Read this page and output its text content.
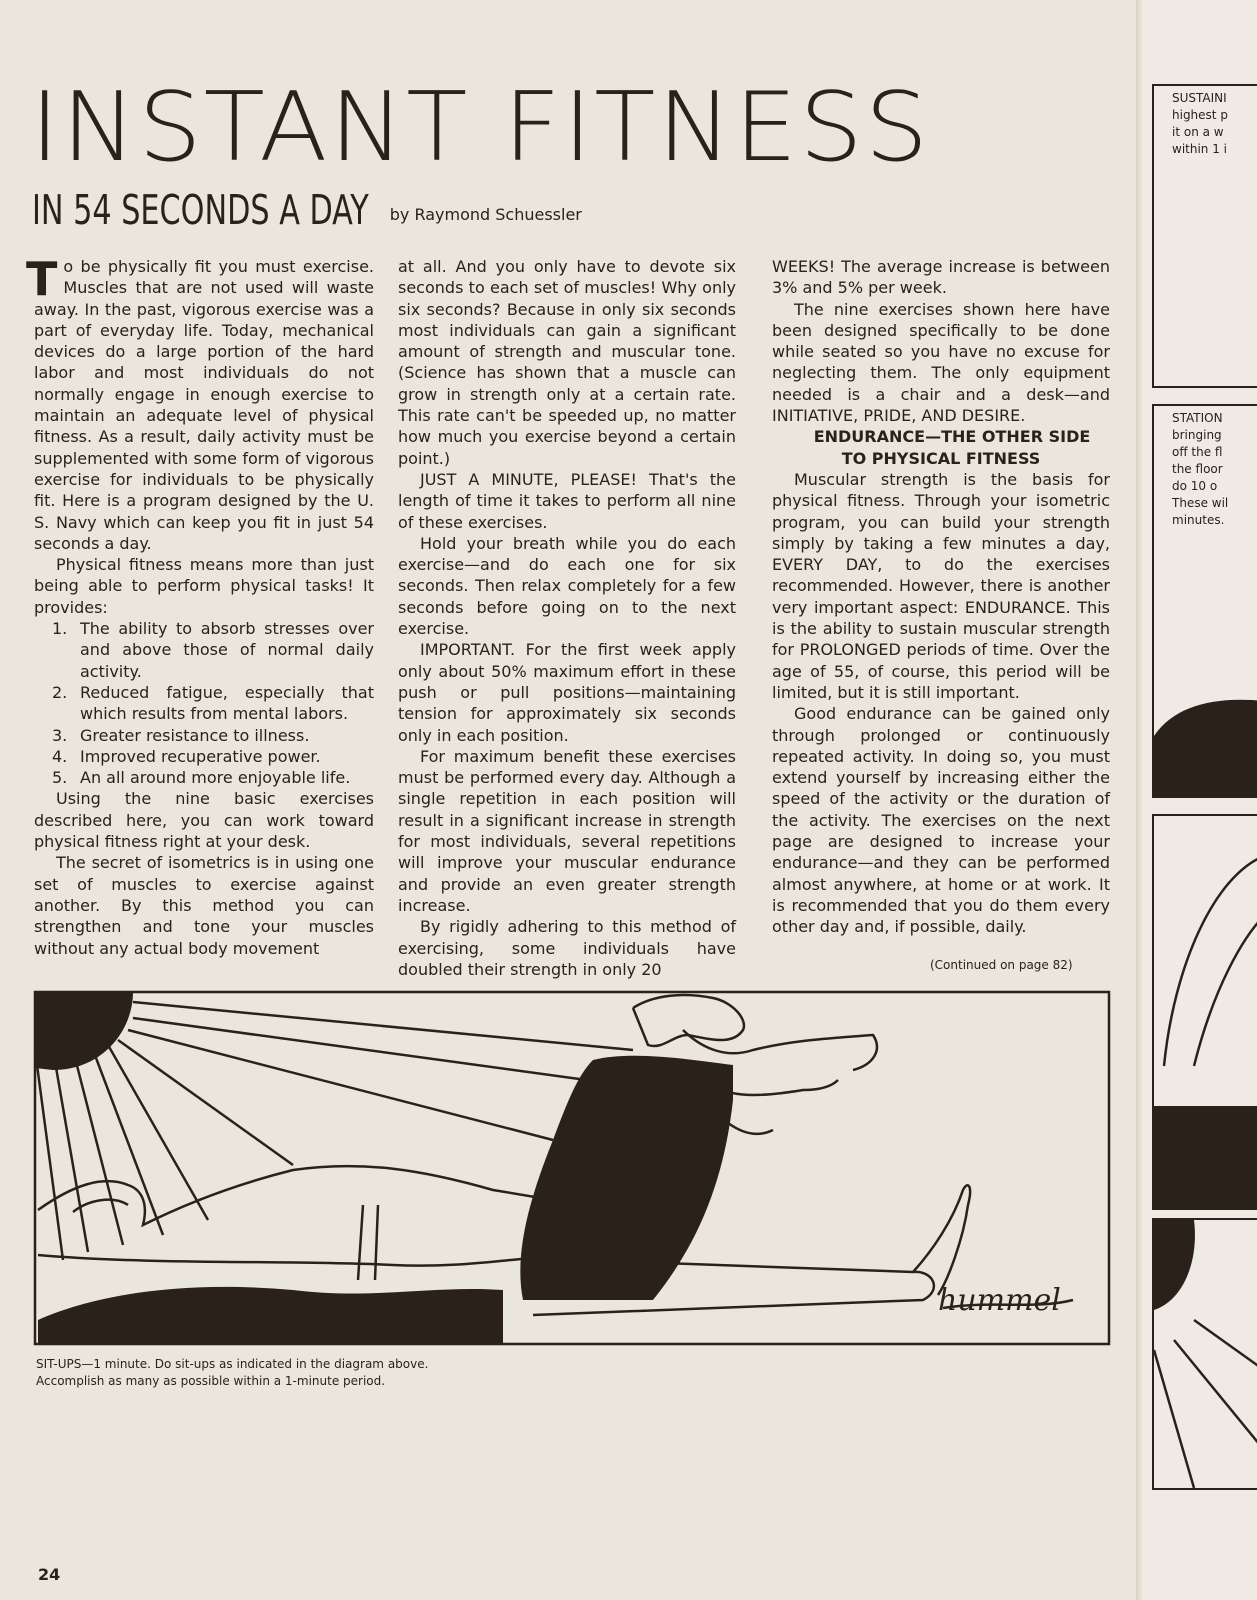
INSTANT FITNESS
IN 54 SECONDS A DAY by Raymond Schuessler

To be physically fit you must exercise. Muscles that are not used will waste away. In the past, vigorous exercise was a part of everyday life. Today, mechanical devices do a large portion of the hard labor and most individuals do not normally engage in enough exercise to maintain an adequate level of physical fitness. As a result, daily activity must be supplemented with some form of vigorous exercise for individuals to be physically fit. Here is a program designed by the U. S. Navy which can keep you fit in just 54 seconds a day.

Physical fitness means more than just being able to perform physical tasks! It provides:

1. The ability to absorb stresses over and above those of normal daily activity.
2. Reduced fatigue, especially that which results from mental labors.
3. Greater resistance to illness.
4. Improved recuperative power.
5. An all around more enjoyable life.

Using the nine basic exercises described here, you can work toward physical fitness right at your desk.

The secret of isometrics is in using one set of muscles to exercise against another. By this method you can strengthen and tone your muscles without any actual body movement

at all. And you only have to devote six seconds to each set of muscles! Why only six seconds? Because in only six seconds most individuals can gain a significant amount of strength and muscular tone. (Science has shown that a muscle can grow in strength only at a certain rate. This rate can't be speeded up, no matter how much you exercise beyond a certain point.)

JUST A MINUTE, PLEASE! That's the length of time it takes to perform all nine of these exercises.

Hold your breath while you do each exercise—and do each one for six seconds. Then relax completely for a few seconds before going on to the next exercise.

IMPORTANT. For the first week apply only about 50% maximum effort in these push or pull positions—maintaining tension for approximately six seconds only in each position.

For maximum benefit these exercises must be performed every day. Although a single repetition in each position will result in a significant increase in strength for most individuals, several repetitions will improve your muscular endurance and provide an even greater strength increase.

By rigidly adhering to this method of exercising, some individuals have doubled their strength in only 20

WEEKS! The average increase is between 3% and 5% per week.

The nine exercises shown here have been designed specifically to be done while seated so you have no excuse for neglecting them. The only equipment needed is a chair and a desk—and INITIATIVE, PRIDE, AND DESIRE.

ENDURANCE—THE OTHER SIDE
TO PHYSICAL FITNESS

Muscular strength is the basis for physical fitness. Through your isometric program, you can build your strength simply by taking a few minutes a day, EVERY DAY, to do the exercises recommended. However, there is another very important aspect: ENDURANCE. This is the ability to sustain muscular strength for PROLONGED periods of time. Over the age of 55, of course, this period will be limited, but it is still important.

Good endurance can be gained only through prolonged or continuously repeated activity. In doing so, you must extend yourself by increasing either the speed of the activity or the duration of the activity. The exercises on the next page are designed to increase your endurance—and they can be performed almost anywhere, at home or at work. It is recommended that you do them every other day and, if possible, daily.

(Continued on page 82)
hummel
SIT-UPS—1 minute. Do sit-ups as indicated in the diagram above. Accomplish as many as possible within a 1-minute period.
24
SUSTAINI
highest p
it on a w
within 1 i
STATION
bringing
off the fl
the floor
do 10 o
These wil
minutes.
